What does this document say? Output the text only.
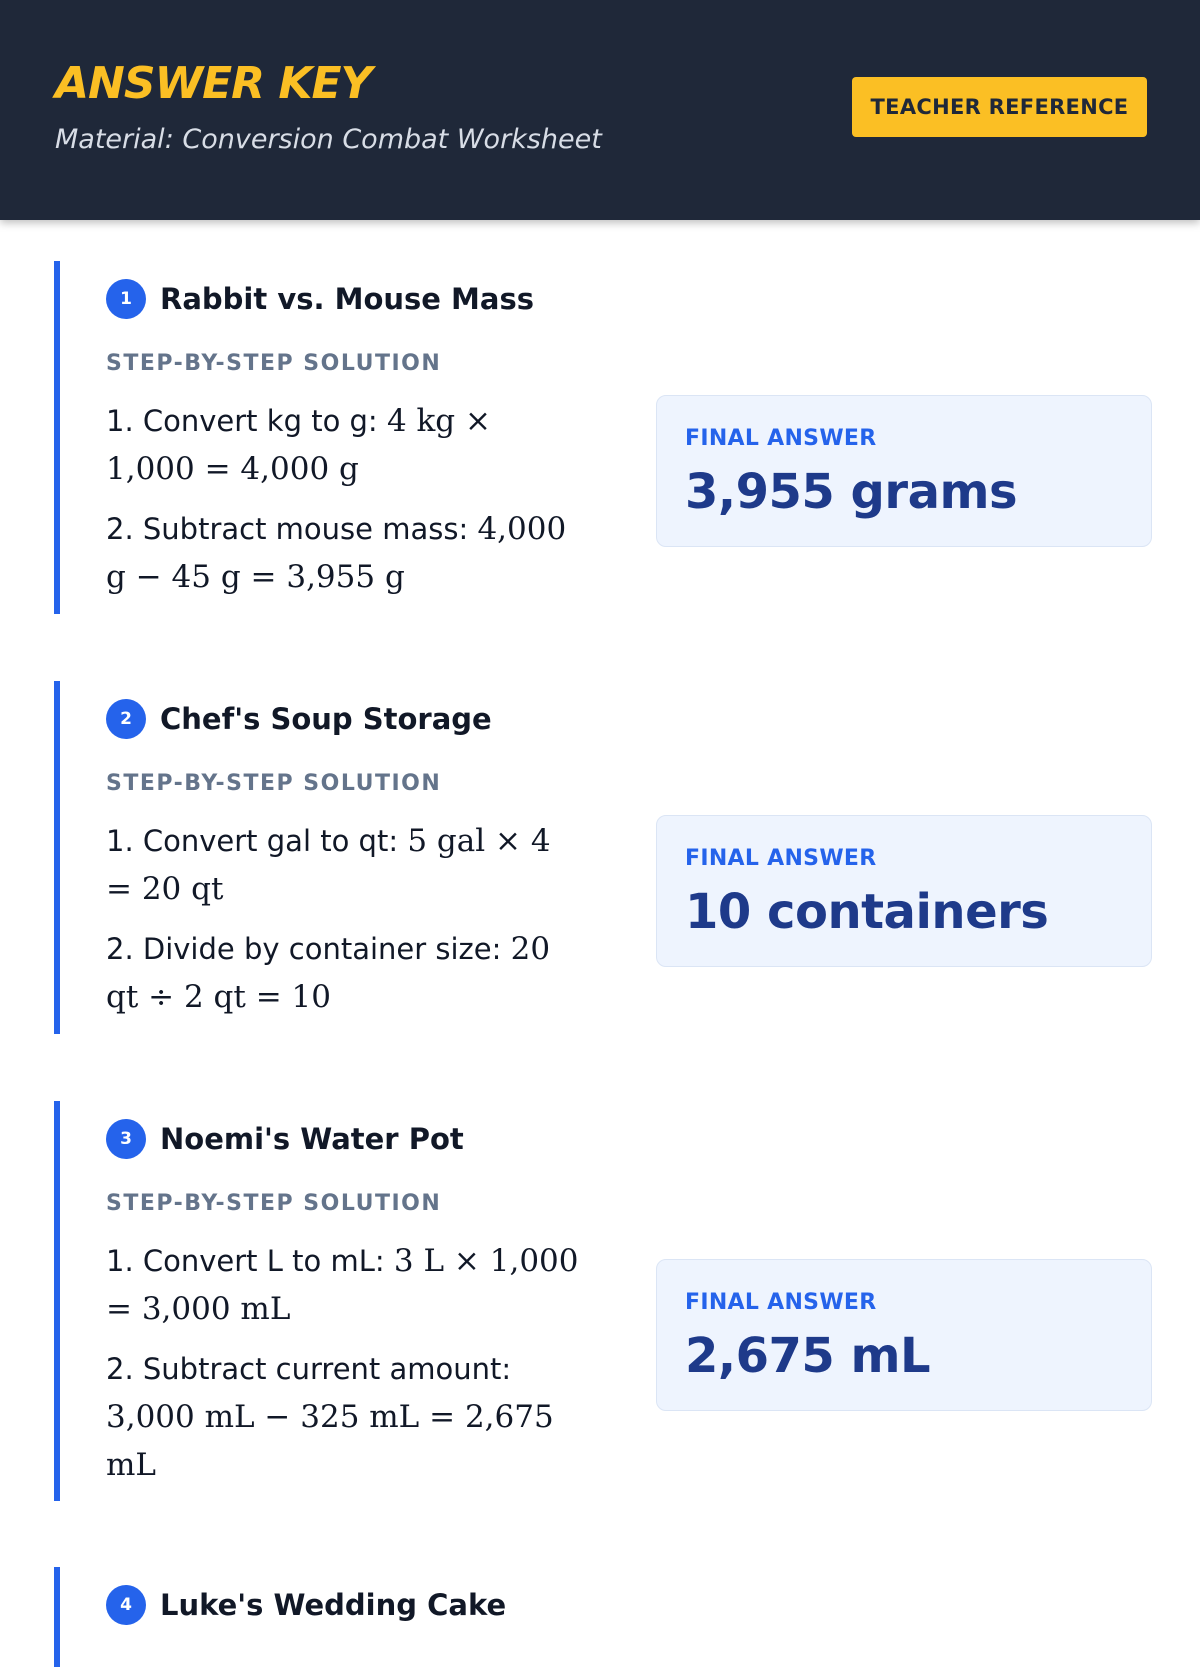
ANSWER KEY
Material: Conversion Combat Worksheet
TEACHER REFERENCE
1 Rabbit vs. Mouse Mass
STEP-BY-STEP SOLUTION
1. Convert kg to g: 4 kg × 1,000 = 4,000 g
2. Subtract mouse mass: 4,000 g − 45 g = 3,955 g
FINAL ANSWER
3,955 grams
2 Chef's Soup Storage
STEP-BY-STEP SOLUTION
1. Convert gal to qt: 5 gal × 4 = 20 qt
2. Divide by container size: 20 qt ÷ 2 qt = 10
FINAL ANSWER
10 containers
3 Noemi's Water Pot
STEP-BY-STEP SOLUTION
1. Convert L to mL: 3 L × 1,000 = 3,000 mL
2. Subtract current amount: 3,000 mL − 325 mL = 2,675 mL
FINAL ANSWER
2,675 mL
4 Luke's Wedding Cake
